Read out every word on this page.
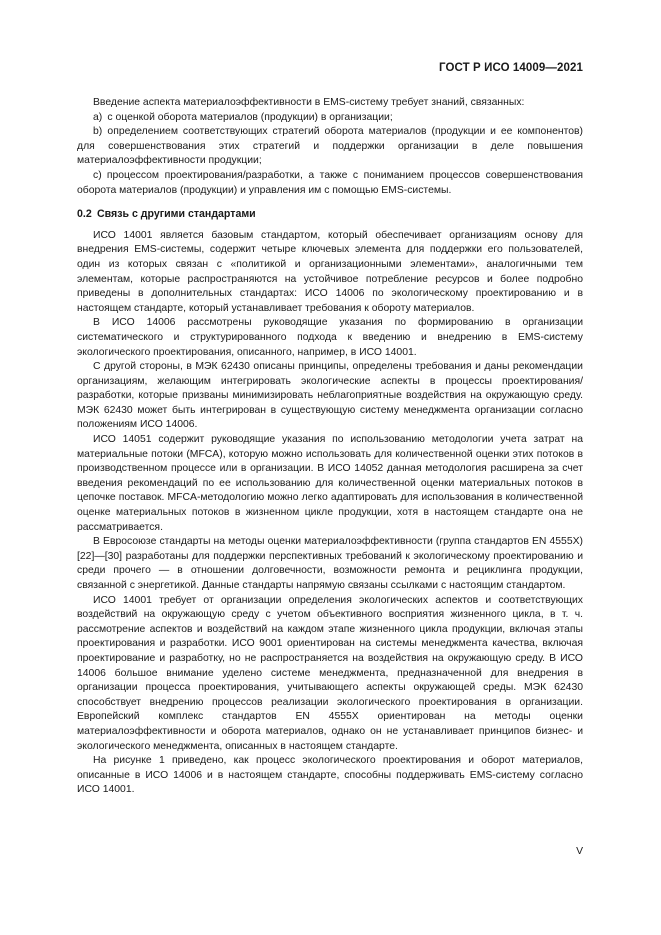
ГОСТ Р ИСО 14009—2021

Введение аспекта материалоэффективности в EMS-систему требует знаний, связанных:

a) с оценкой оборота материалов (продукции) в организации;

b) определением соответствующих стратегий оборота материалов (продукции и ее компонентов) для совершенствования этих стратегий и поддержки организации в деле повышения материалоэффективности продукции;

c) процессом проектирования/разработки, а также с пониманием процессов совершенствования оборота материалов (продукции) и управления им с помощью EMS-системы.

0.2 Связь с другими стандартами

ИСО 14001 является базовым стандартом, который обеспечивает организациям основу для внедрения EMS-системы, содержит четыре ключевых элемента для поддержки его пользователей, один из которых связан с «политикой и организационными элементами», аналогичными тем элементам, которые распространяются на устойчивое потребление ресурсов и более подробно приведены в дополнительных стандартах: ИСО 14006 по экологическому проектированию и в настоящем стандарте, который устанавливает требования к обороту материалов.

В ИСО 14006 рассмотрены руководящие указания по формированию в организации систематического и структурированного подхода к введению и внедрению в EMS-систему экологического проектирования, описанного, например, в ИСО 14001.

С другой стороны, в МЭК 62430 описаны принципы, определены требования и даны рекомендации организациям, желающим интегрировать экологические аспекты в процессы проектирования/разработки, которые призваны минимизировать неблагоприятные воздействия на окружающую среду. МЭК 62430 может быть интегрирован в существующую систему менеджмента организации согласно положениям ИСО 14006.

ИСО 14051 содержит руководящие указания по использованию методологии учета затрат на материальные потоки (MFCA), которую можно использовать для количественной оценки этих потоков в производственном процессе или в организации. В ИСО 14052 данная методология расширена за счет введения рекомендаций по ее использованию для количественной оценки материальных потоков в цепочке поставок. MFCA-методологию можно легко адаптировать для использования в количественной оценке материальных потоков в жизненном цикле продукции, хотя в настоящем стандарте она не рассматривается.

В Евросоюзе стандарты на методы оценки материалоэффективности (группа стандартов EN 4555X) [22]—[30] разработаны для поддержки перспективных требований к экологическому проектированию и среди прочего — в отношении долговечности, возможности ремонта и рециклинга продукции, связанной с энергетикой. Данные стандарты напрямую связаны ссылками с настоящим стандартом.

ИСО 14001 требует от организации определения экологических аспектов и соответствующих воздействий на окружающую среду с учетом объективного восприятия жизненного цикла, в т. ч. рассмотрение аспектов и воздействий на каждом этапе жизненного цикла продукции, включая этапы проектирования и разработки. ИСО 9001 ориентирован на системы менеджмента качества, включая проектирование и разработку, но не распространяется на воздействия на окружающую среду. В ИСО 14006 большое внимание уделено системе менеджмента, предназначенной для внедрения в организации процесса проектирования, учитывающего аспекты окружающей среды. МЭК 62430 способствует внедрению процессов реализации экологического проектирования в организации. Европейский комплекс стандартов EN 4555X ориентирован на методы оценки материалоэффективности и оборота материалов, однако он не устанавливает принципов бизнес- и экологического менеджмента, описанных в настоящем стандарте.

На рисунке 1 приведено, как процесс экологического проектирования и оборот материалов, описанные в ИСО 14006 и в настоящем стандарте, способны поддерживать EMS-систему согласно ИСО 14001.

V
